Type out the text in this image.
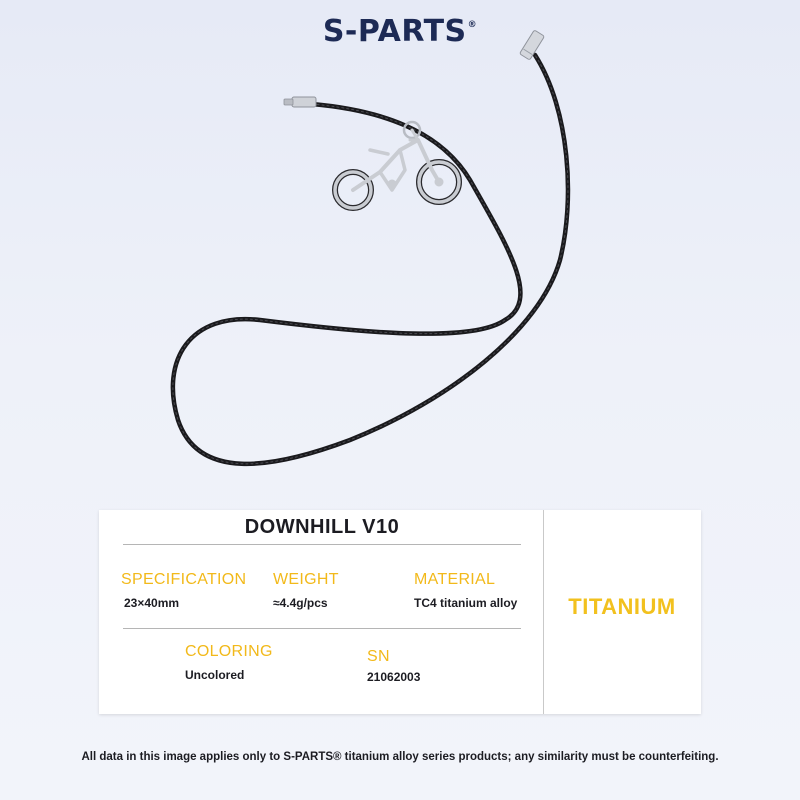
S-PARTS®
DOWNHILL V10
SPECIFICATION
23×40mm
WEIGHT
≈4.4g/pcs
MATERIAL
TC4 titanium alloy
COLORING
Uncolored
SN
21062003
TITANIUM
All data in this image applies only to S-PARTS® titanium alloy series products; any similarity must be counterfeiting.
